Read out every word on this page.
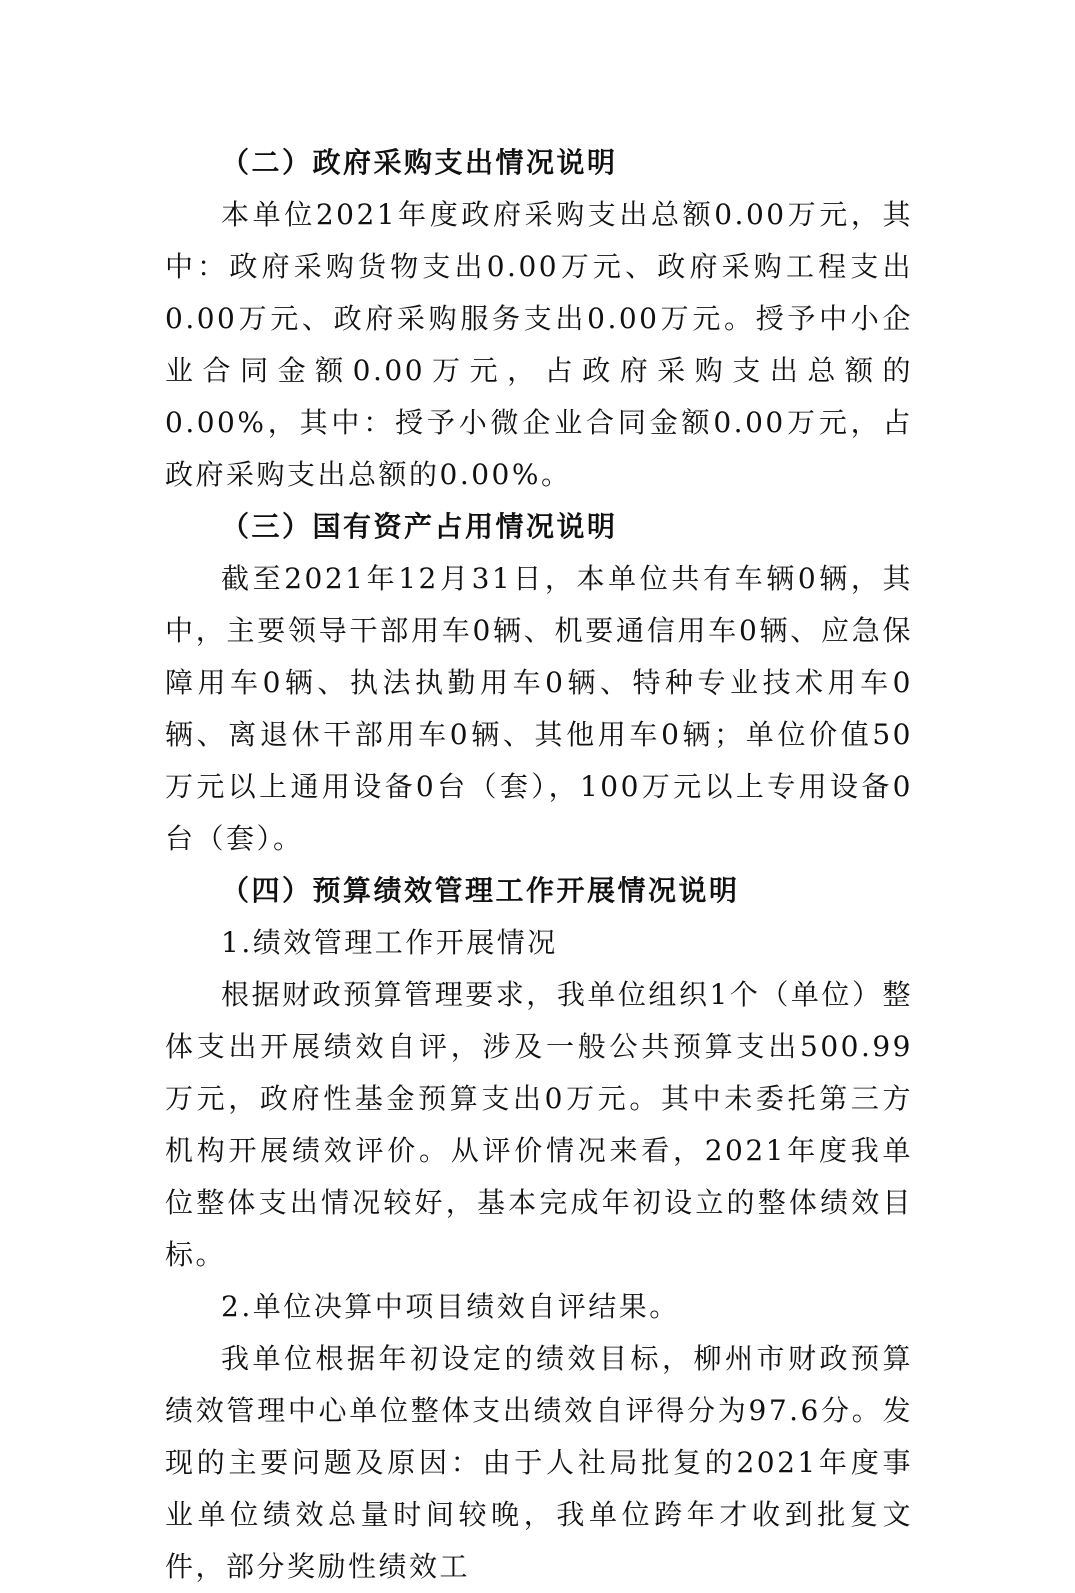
（二）政府采购支出情况说明

本单位2021年度政府采购支出总额0.00万元，其中：政府采购货物支出0.00万元、政府采购工程支出0.00万元、政府采购服务支出0.00万元。授予中小企业合同金额0.00万元，占政府采购支出总额的0.00%，其中：授予小微企业合同金额0.00万元，占政府采购支出总额的0.00%。

（三）国有资产占用情况说明

截至2021年12月31日，本单位共有车辆0辆，其中，主要领导干部用车0辆、机要通信用车0辆、应急保障用车0辆、执法执勤用车0辆、特种专业技术用车0辆、离退休干部用车0辆、其他用车0辆；单位价值50万元以上通用设备0台（套），100万元以上专用设备0台（套）。

（四）预算绩效管理工作开展情况说明

1.绩效管理工作开展情况

根据财政预算管理要求，我单位组织1个（单位）整体支出开展绩效自评，涉及一般公共预算支出500.99万元，政府性基金预算支出0万元。其中未委托第三方机构开展绩效评价。从评价情况来看，2021年度我单位整体支出情况较好，基本完成年初设立的整体绩效目标。

2.单位决算中项目绩效自评结果。

我单位根据年初设定的绩效目标，柳州市财政预算绩效管理中心单位整体支出绩效自评得分为97.6分。发现的主要问题及原因：由于人社局批复的2021年度事业单位绩效总量时间较晚，我单位跨年才收到批复文件，部分奖励性绩效工
